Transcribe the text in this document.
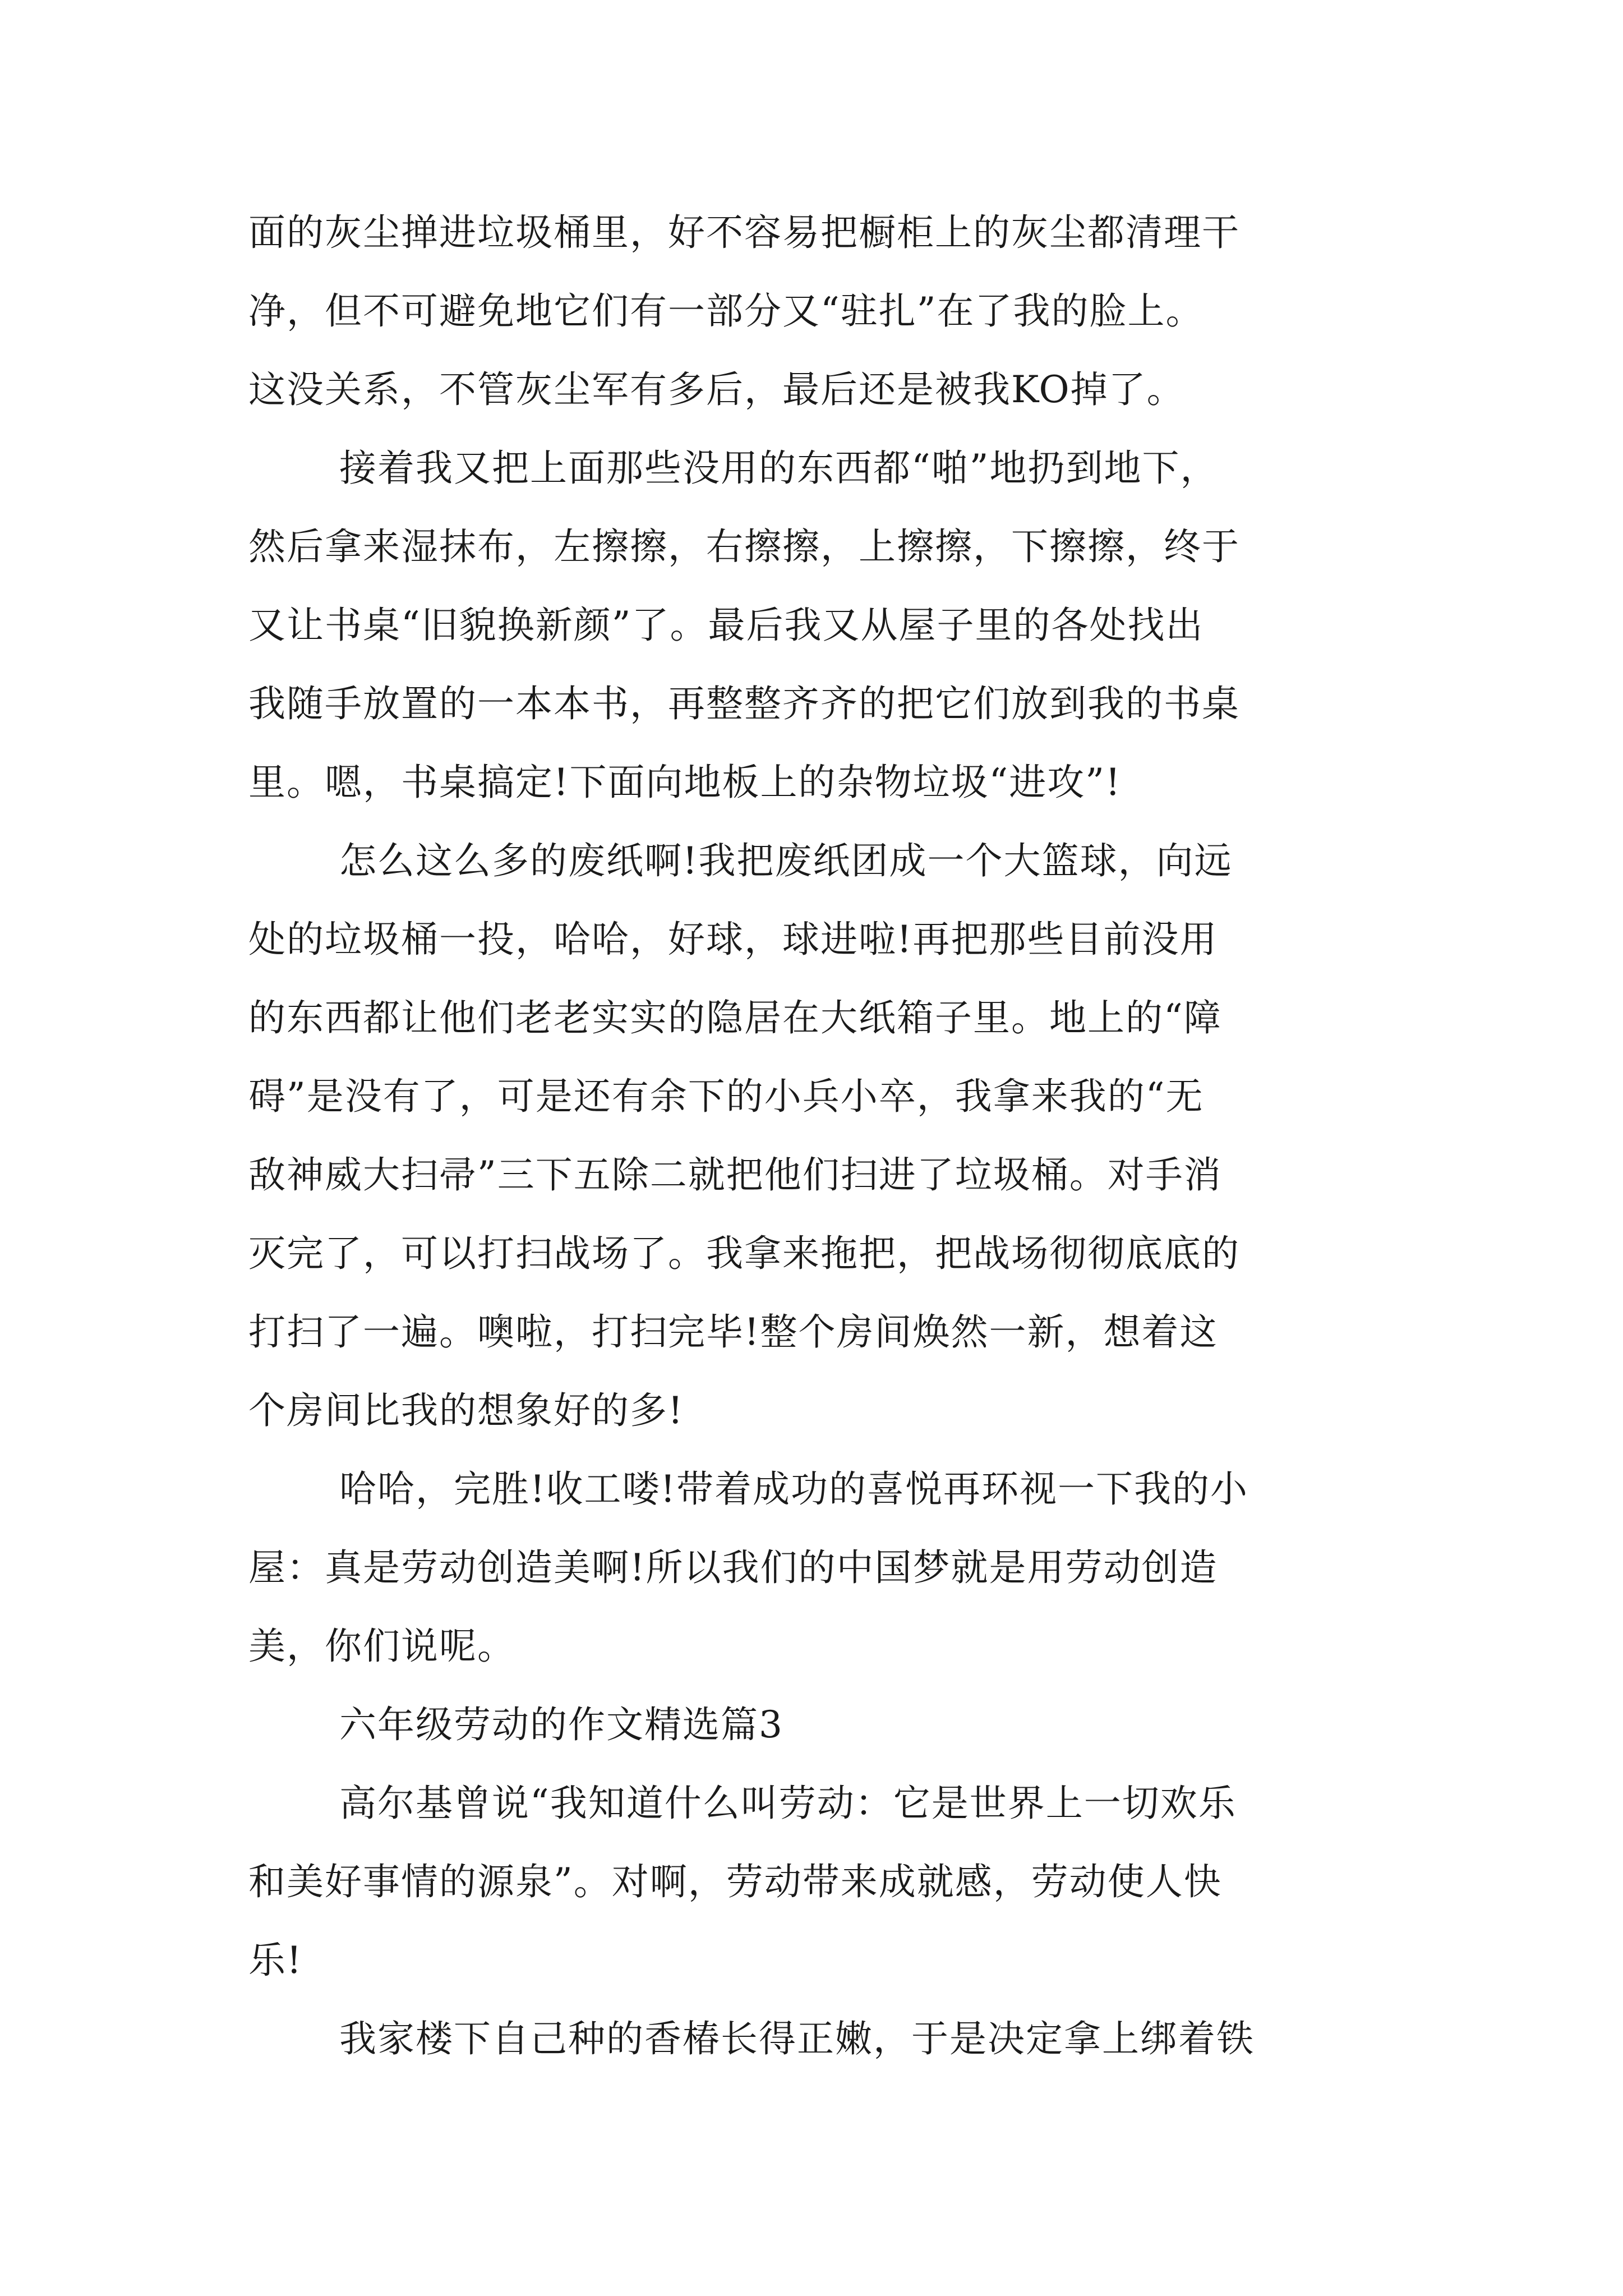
面的灰尘掸进垃圾桶里，好不容易把橱柜上的灰尘都清理干
净，但不可避免地它们有一部分又“驻扎”在了我的脸上。
这没关系，不管灰尘军有多后，最后还是被我KO掉了。
接着我又把上面那些没用的东西都“啪”地扔到地下，
然后拿来湿抹布，左擦擦，右擦擦，上擦擦，下擦擦，终于
又让书桌“旧貌换新颜”了。最后我又从屋子里的各处找出
我随手放置的一本本书，再整整齐齐的把它们放到我的书桌
里。嗯，书桌搞定!下面向地板上的杂物垃圾“进攻”!
怎么这么多的废纸啊!我把废纸团成一个大篮球，向远
处的垃圾桶一投，哈哈，好球，球进啦!再把那些目前没用
的东西都让他们老老实实的隐居在大纸箱子里。地上的“障
碍”是没有了，可是还有余下的小兵小卒，我拿来我的“无
敌神威大扫帚”三下五除二就把他们扫进了垃圾桶。对手消
灭完了，可以打扫战场了。我拿来拖把，把战场彻彻底底的
打扫了一遍。噢啦，打扫完毕!整个房间焕然一新，想着这
个房间比我的想象好的多!
哈哈，完胜!收工喽!带着成功的喜悦再环视一下我的小
屋：真是劳动创造美啊!所以我们的中国梦就是用劳动创造
美，你们说呢。
六年级劳动的作文精选篇3
高尔基曾说“我知道什么叫劳动：它是世界上一切欢乐
和美好事情的源泉”。对啊，劳动带来成就感，劳动使人快
乐!
我家楼下自己种的香椿长得正嫩，于是决定拿上绑着铁
